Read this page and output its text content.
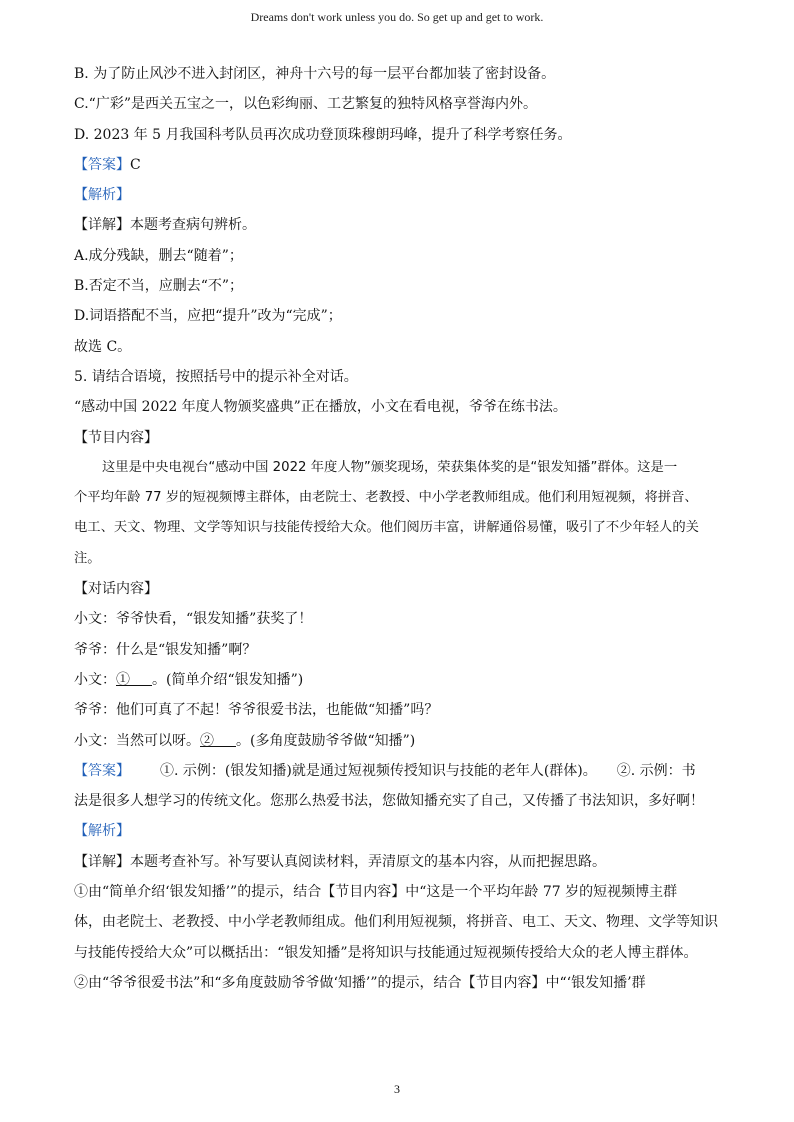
Dreams don't work unless you do. So get up and get to work.
B. 为了防止风沙不进入封闭区，神舟十六号的每一层平台都加装了密封设备。
C.“广彩”是西关五宝之一，以色彩绚丽、工艺繁复的独特风格享誉海内外。
D. 2023 年 5 月我国科考队员再次成功登顶珠穆朗玛峰，提升了科学考察任务。
【答案】C
【解析】
【详解】本题考查病句辨析。
A.成分残缺，删去“随着”；
B.否定不当，应删去“不”；
D.词语搭配不当，应把“提升”改为“完成”；
故选 C。
5. 请结合语境，按照括号中的提示补全对话。
“感动中国 2022 年度人物颁奖盛典”正在播放，小文在看电视，爷爷在练书法。
【节目内容】
这里是中央电视台“感动中国 2022 年度人物”颁奖现场，荣获集体奖的是“银发知播”群体。这是一
个平均年龄 77 岁的短视频博主群体，由老院士、老教授、中小学老教师组成。他们利用短视频，将拼音、
电工、天文、物理、文学等知识与技能传授给大众。他们阅历丰富，讲解通俗易懂，吸引了不少年轻人的关
注。
【对话内容】
小文：爷爷快看，“银发知播”获奖了！
爷爷：什么是“银发知播”啊？
小文：① 。(简单介绍“银发知播”)
爷爷：他们可真了不起！爷爷很爱书法，也能做“知播”吗？
小文：当然可以呀。② 。(多角度鼓励爷爷做“知播”)
【答案】 ①. 示例：(银发知播)就是通过短视频传授知识与技能的老年人(群体)。 ②. 示例：书
法是很多人想学习的传统文化。您那么热爱书法，您做知播充实了自己，又传播了书法知识，多好啊！
【解析】
【详解】本题考查补写。补写要认真阅读材料，弄清原文的基本内容，从而把握思路。
①由“简单介绍‘银发知播’”的提示，结合【节目内容】中“这是一个平均年龄 77 岁的短视频博主群
体，由老院士、老教授、中小学老教师组成。他们利用短视频，将拼音、电工、天文、物理、文学等知识
与技能传授给大众”可以概括出：“银发知播”是将知识与技能通过短视频传授给大众的老人博主群体。
②由“爷爷很爱书法”和“多角度鼓励爷爷做‘知播’”的提示，结合【节目内容】中“‘银发知播’群
3
